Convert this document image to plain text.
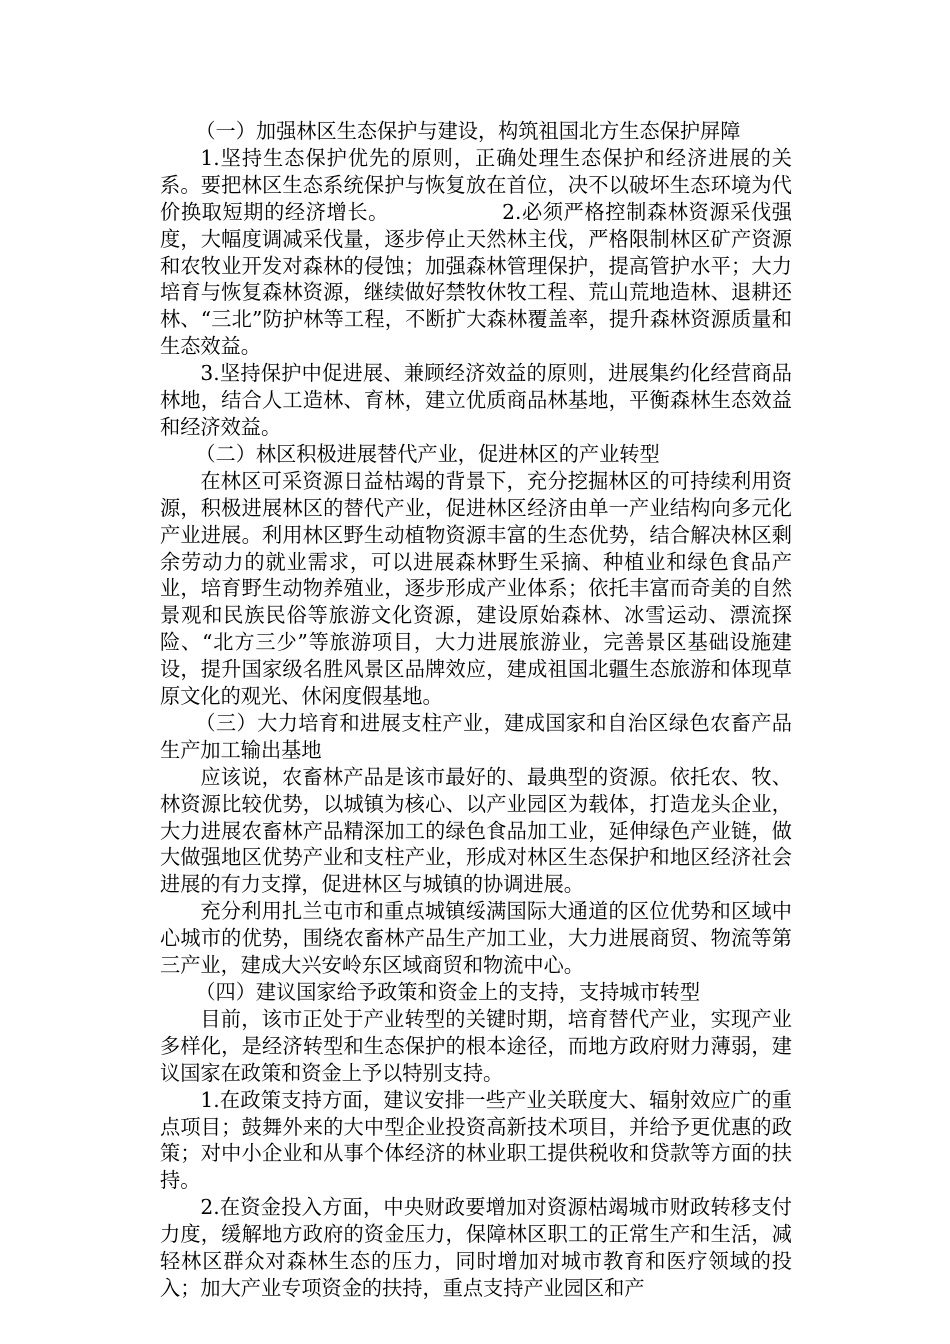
（一）加强林区生态保护与建设，构筑祖国北方生态保护屏障

1.坚持生态保护优先的原则，正确处理生态保护和经济进展的关系。要把林区生态系统保护与恢复放在首位，决不以破坏生态环境为代价换取短期的经济增长。	2.必须严格控制森林资源采伐强度，大幅度调减采伐量，逐步停止天然林主伐，严格限制林区矿产资源和农牧业开发对森林的侵蚀；加强森林管理保护，提高管护水平；大力培育与恢复森林资源，继续做好禁牧休牧工程、荒山荒地造林、退耕还林、“三北”防护林等工程，不断扩大森林覆盖率，提升森林资源质量和生态效益。

3.坚持保护中促进展、兼顾经济效益的原则，进展集约化经营商品林地，结合人工造林、育林，建立优质商品林基地，平衡森林生态效益和经济效益。

（二）林区积极进展替代产业，促进林区的产业转型

在林区可采资源日益枯竭的背景下，充分挖掘林区的可持续利用资源，积极进展林区的替代产业，促进林区经济由单一产业结构向多元化产业进展。利用林区野生动植物资源丰富的生态优势，结合解决林区剩余劳动力的就业需求，可以进展森林野生采摘、种植业和绿色食品产业，培育野生动物养殖业，逐步形成产业体系；依托丰富而奇美的自然景观和民族民俗等旅游文化资源，建设原始森林、冰雪运动、漂流探险、“北方三少”等旅游项目，大力进展旅游业，完善景区基础设施建设，提升国家级名胜风景区品牌效应，建成祖国北疆生态旅游和体现草原文化的观光、休闲度假基地。

（三）大力培育和进展支柱产业，建成国家和自治区绿色农畜产品生产加工输出基地

应该说，农畜林产品是该市最好的、最典型的资源。依托农、牧、林资源比较优势，以城镇为核心、以产业园区为载体，打造龙头企业，大力进展农畜林产品精深加工的绿色食品加工业，延伸绿色产业链，做大做强地区优势产业和支柱产业，形成对林区生态保护和地区经济社会进展的有力支撑，促进林区与城镇的协调进展。

充分利用扎兰屯市和重点城镇绥满国际大通道的区位优势和区域中心城市的优势，围绕农畜林产品生产加工业，大力进展商贸、物流等第三产业，建成大兴安岭东区域商贸和物流中心。

（四）建议国家给予政策和资金上的支持，支持城市转型

目前，该市正处于产业转型的关键时期，培育替代产业，实现产业多样化，是经济转型和生态保护的根本途径，而地方政府财力薄弱，建议国家在政策和资金上予以特别支持。

1.在政策支持方面，建议安排一些产业关联度大、辐射效应广的重点项目；鼓舞外来的大中型企业投资高新技术项目，并给予更优惠的政策；对中小企业和从事个体经济的林业职工提供税收和贷款等方面的扶持。

2.在资金投入方面，中央财政要增加对资源枯竭城市财政转移支付力度，缓解地方政府的资金压力，保障林区职工的正常生产和生活，减轻林区群众对森林生态的压力，同时增加对城市教育和医疗领域的投入；加大产业专项资金的扶持，重点支持产业园区和产
